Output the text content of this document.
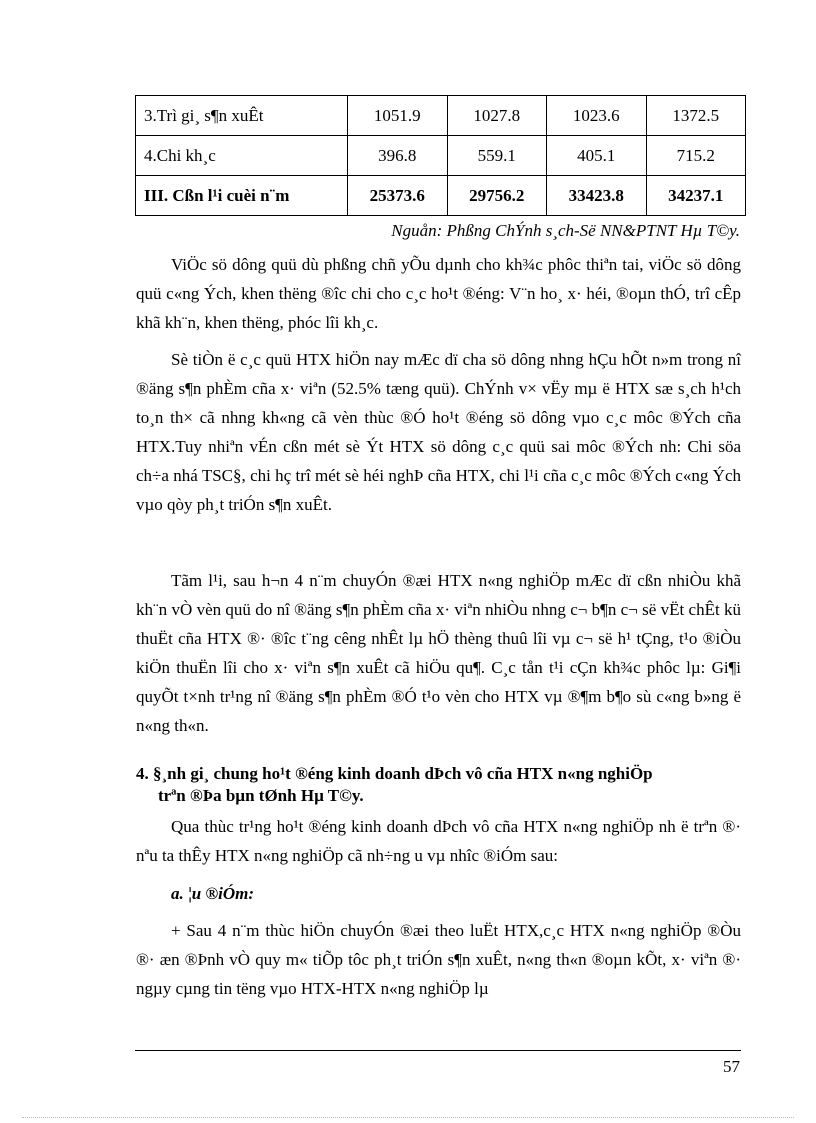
3.Trì gi¸ s¶n xuÊt	1051.9	1027.8	1023.6	1372.5
4.Chi kh¸c	396.8	559.1	405.1	715.2
III. Cßn l¹i cuèi n¨m	25373.6	29756.2	33423.8	34237.1
Nguån: Phßng ChÝnh s¸ch-Së NN&PTNT Hµ T©y.

ViÖc sö dông quü dù phßng chñ yÕu dµnh cho kh¾c phôc thiªn tai, viÖc sö dông quü c«ng Ých, khen thëng ®îc chi cho c¸c ho¹t ®éng: V¨n ho¸ x· héi, ®oµn thÓ, trî cÊp khã kh¨n, khen thëng, phóc lîi kh¸c.

Sè tiÒn ë c¸c quü HTX hiÖn nay mÆc dï cha sö dông nhng hÇu hÕt n»m trong nî ®äng s¶n phÈm cña x· viªn (52.5% tæng quü). ChÝnh v× vËy mµ ë HTX sæ s¸ch h¹ch to¸n th× cã nhng kh«ng cã vèn thùc ®Ó ho¹t ®éng sö dông vµo c¸c môc ®Ých cña HTX.Tuy nhiªn vÉn cßn mét sè Ýt HTX sö dông c¸c quü sai môc ®Ých nh: Chi söa ch÷a nhá TSC§, chi hç trî mét sè héi nghÞ cña HTX, chi l¹i cña c¸c môc ®Ých c«ng Ých vµo qòy ph¸t triÓn s¶n xuÊt.

Tãm l¹i, sau h¬n 4 n¨m chuyÓn ®æi HTX n«ng nghiÖp mÆc dï cßn nhiÒu khã kh¨n vÒ vèn quü do nî ®äng s¶n phÈm cña x· viªn nhiÒu nhng c¬ b¶n c¬ së vËt chÊt kü thuËt cña HTX ®· ®îc t¨ng cêng nhÊt lµ hÖ thèng thuû lîi vµ c¬ së h¹ tÇng, t¹o ®iÒu kiÖn thuËn lîi cho x· viªn s¶n xuÊt cã hiÖu qu¶. C¸c tån t¹i cÇn kh¾c phôc lµ: Gi¶i quyÕt t×nh tr¹ng nî ®äng s¶n phÈm ®Ó t¹o vèn cho HTX vµ ®¶m b¶o sù c«ng b»ng ë n«ng th«n.

4. §¸nh gi¸ chung ho¹t ®éng kinh doanh dÞch vô cña HTX n«ng nghiÖp
trªn ®Þa bµn tØnh Hµ T©y.

Qua thùc tr¹ng ho¹t ®éng kinh doanh dÞch vô cña HTX n«ng nghiÖp nh ë trªn ®· nªu ta thÊy HTX n«ng nghiÖp cã nh÷ng u vµ nhîc ®iÓm sau:

a. ¦u ®iÓm:

+ Sau 4 n¨m thùc hiÖn chuyÓn ®æi theo luËt HTX,c¸c HTX n«ng nghiÖp ®Òu ®· æn ®Þnh vÒ quy m« tiÕp tôc ph¸t triÓn s¶n xuÊt, n«ng th«n ®oµn kÕt, x· viªn ®· ngµy cµng tin tëng vµo HTX-HTX n«ng nghiÖp lµ

57
